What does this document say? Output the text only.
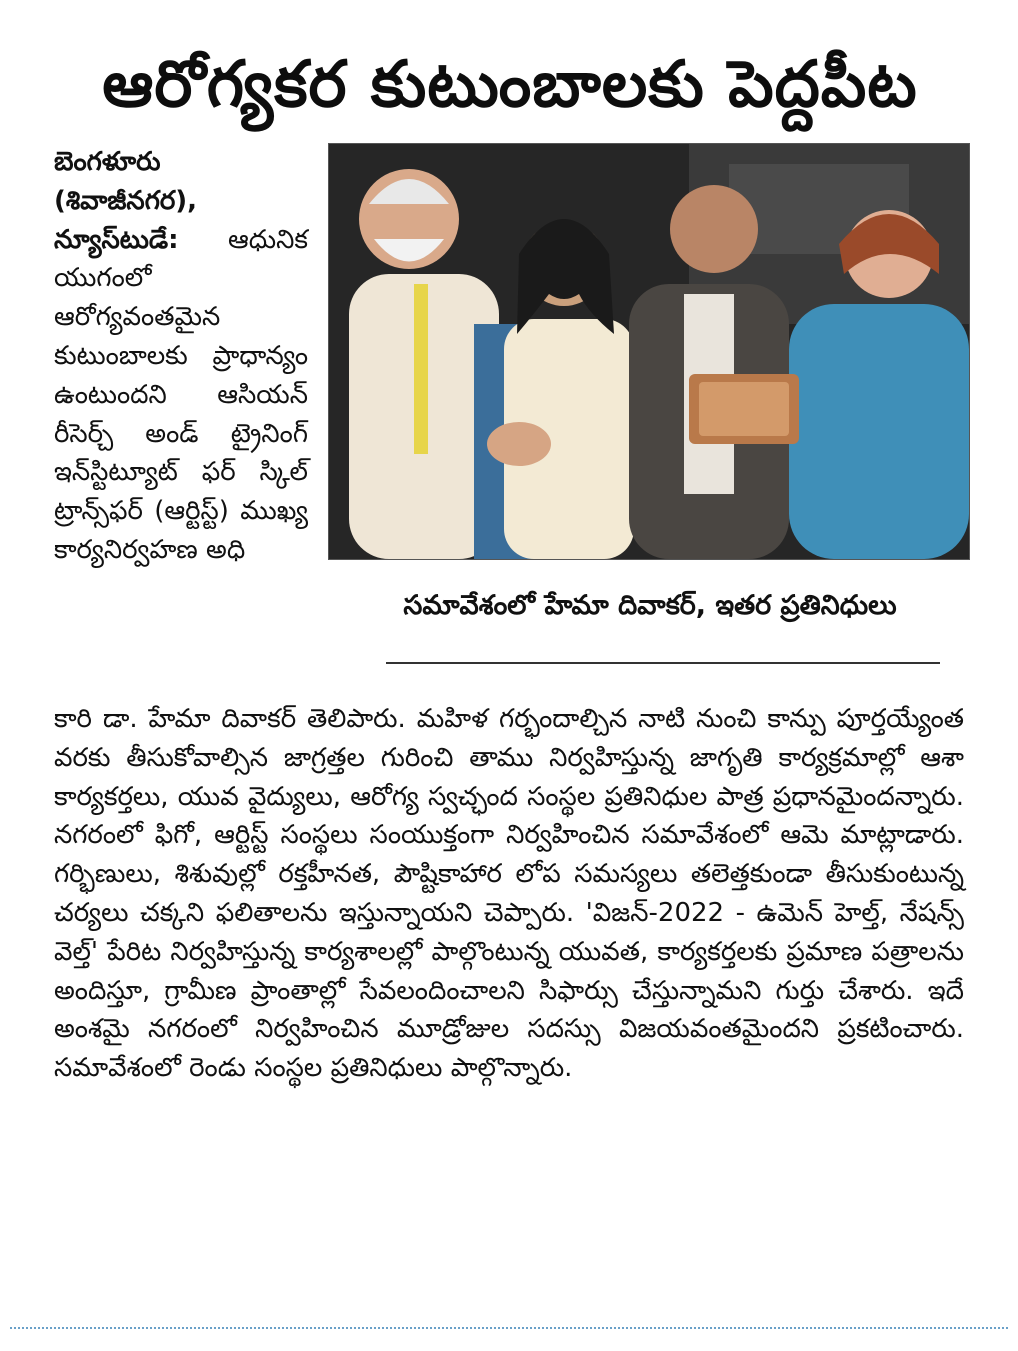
ఆరోగ్యకర కుటుంబాలకు పెద్దపీట
బెంగళూరు (శివాజీనగర), న్యూస్‌టుడే: ఆధునిక యుగంలో ఆరోగ్యవంతమైన కుటుంబాలకు ప్రాధాన్యం ఉంటుందని ఆసియన్ రీసెర్చ్ అండ్ ట్రైనింగ్ ఇన్‌స్టిట్యూట్ ఫర్ స్కిల్ ట్రాన్స్‌ఫర్ (ఆర్టిస్ట్) ముఖ్య కార్యనిర్వహణ అధి
సమావేశంలో హేమా దివాకర్, ఇతర ప్రతినిధులు
కారి డా. హేమా దివాకర్ తెలిపారు. మహిళ గర్భందాల్చిన నాటి నుంచి కాన్పు పూర్తయ్యేంత వరకు తీసుకోవాల్సిన జాగ్రత్తల గురించి తాము నిర్వహిస్తున్న జాగృతి కార్యక్రమాల్లో ఆశా కార్యకర్తలు, యువ వైద్యులు, ఆరోగ్య స్వచ్ఛంద సంస్థల ప్రతినిధుల పాత్ర ప్రధానమైందన్నారు. నగరంలో ఫిగో, ఆర్టిస్ట్ సంస్థలు సంయుక్తంగా నిర్వహించిన సమావేశంలో ఆమె మాట్లాడారు. గర్భిణులు, శిశువుల్లో రక్తహీనత, పౌష్టికాహార లోప సమస్యలు తలెత్తకుండా తీసుకుంటున్న చర్యలు చక్కని ఫలితాలను ఇస్తున్నాయని చెప్పారు. 'విజన్-2022 - ఉమెన్ హెల్త్, నేషన్స్ వెల్త్' పేరిట నిర్వహిస్తున్న కార్యశాలల్లో పాల్గొంటున్న యువత, కార్యకర్తలకు ప్రమాణ పత్రాలను అందిస్తూ, గ్రామీణ ప్రాంతాల్లో సేవలందించాలని సిఫార్సు చేస్తున్నామని గుర్తు చేశారు. ఇదే అంశమై నగరంలో నిర్వహించిన మూడ్రోజుల సదస్సు విజయవంతమైందని ప్రకటించారు. సమావేశంలో రెండు సంస్థల ప్రతినిధులు పాల్గొన్నారు.
